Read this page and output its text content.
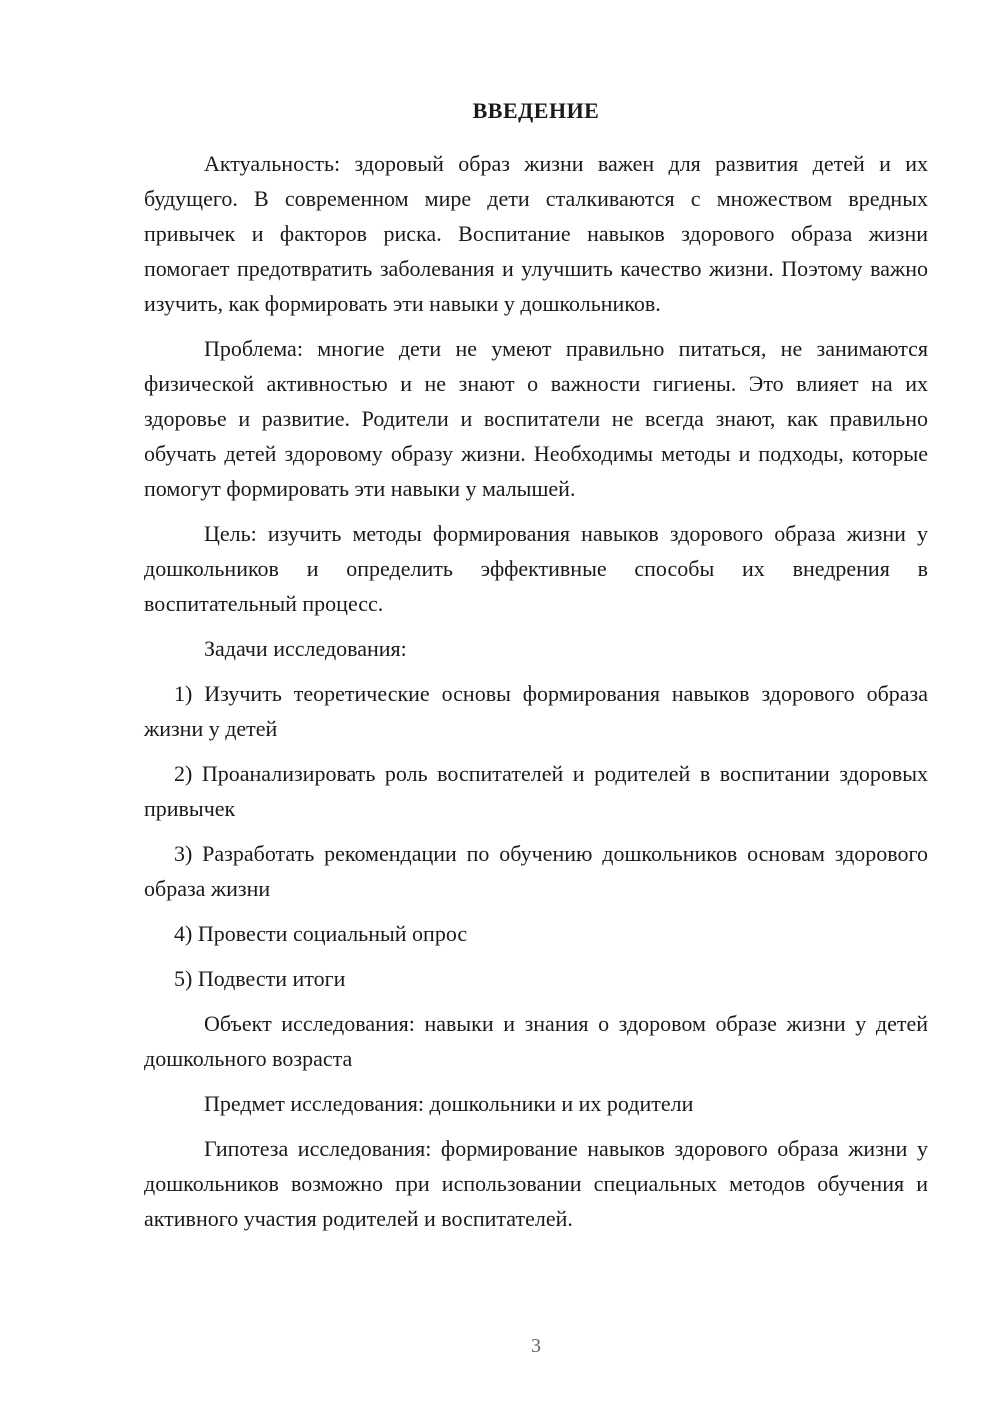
ВВЕДЕНИЕ

Актуальность: здоровый образ жизни важен для развития детей и их будущего. В современном мире дети сталкиваются с множеством вредных привычек и факторов риска. Воспитание навыков здорового образа жизни помогает предотвратить заболевания и улучшить качество жизни. Поэтому важно изучить, как формировать эти навыки у дошкольников.

Проблема: многие дети не умеют правильно питаться, не занимаются физической активностью и не знают о важности гигиены. Это влияет на их здоровье и развитие. Родители и воспитатели не всегда знают, как правильно обучать детей здоровому образу жизни. Необходимы методы и подходы, которые помогут формировать эти навыки у малышей.

Цель: изучить методы формирования навыков здорового образа жизни у дошкольников и определить эффективные способы их внедрения в воспитательный процесс.

Задачи исследования:

1) Изучить теоретические основы формирования навыков здорового образа жизни у детей

2) Проанализировать роль воспитателей и родителей в воспитании здоровых привычек

3) Разработать рекомендации по обучению дошкольников основам здорового образа жизни

4) Провести социальный опрос

5) Подвести итоги

Объект исследования: навыки и знания о здоровом образе жизни у детей дошкольного возраста

Предмет исследования: дошкольники и их родители

Гипотеза исследования: формирование навыков здорового образа жизни у дошкольников возможно при использовании специальных методов обучения и активного участия родителей и воспитателей.

3
